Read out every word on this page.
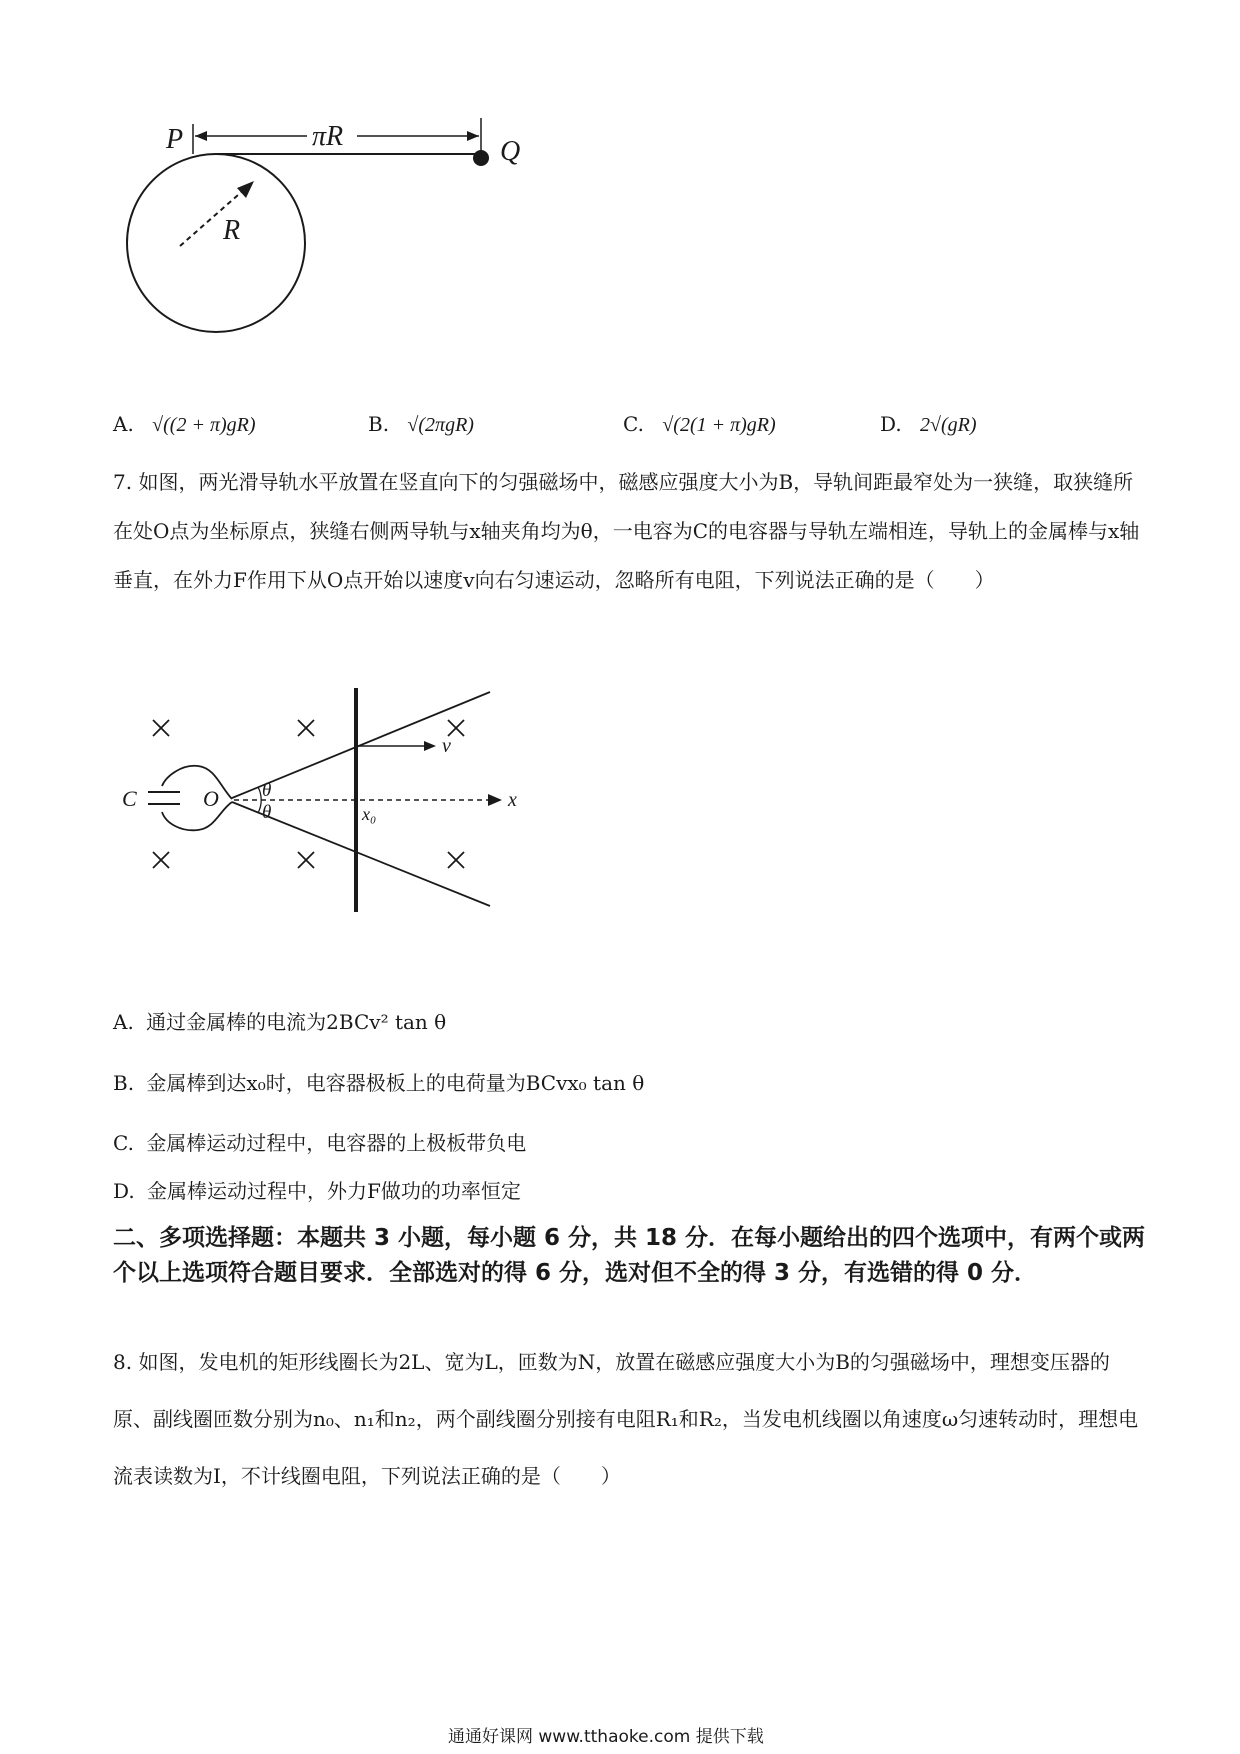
πR	Q
P
R
A. √((2 + π)gR)	B. √(2πgR)	C. √(2(1 + π)gR)	D. 2√(gR)
7. 如图，两光滑导轨水平放置在竖直向下的匀强磁场中，磁感应强度大小为B，导轨间距最窄处为一狭缝，取狭缝所在处O点为坐标原点，狭缝右侧两导轨与x轴夹角均为θ，一电容为C的电容器与导轨左端相连，导轨上的金属棒与x轴垂直，在外力F作用下从O点开始以速度v向右匀速运动，忽略所有电阻，下列说法正确的是（　　）
C	O	x
θ
θ
v
x₀
A. 通过金属棒的电流为2BCv² tan θ
B. 金属棒到达x₀时，电容器极板上的电荷量为BCvx₀ tan θ
C. 金属棒运动过程中，电容器的上极板带负电
D. 金属棒运动过程中，外力F做功的功率恒定
二、多项选择题：本题共 3 小题，每小题 6 分，共 18 分．在每小题给出的四个选项中，有两个或两个以上选项符合题目要求．全部选对的得 6 分，选对但不全的得 3 分，有选错的得 0 分．
8. 如图，发电机的矩形线圈长为2L、宽为L，匝数为N，放置在磁感应强度大小为B的匀强磁场中，理想变压器的原、副线圈匝数分别为n₀、n₁和n₂，两个副线圈分别接有电阻R₁和R₂，当发电机线圈以角速度ω匀速转动时，理想电流表读数为I，不计线圈电阻，下列说法正确的是（　　）
通通好课网 www.tthaoke.com 提供下载
